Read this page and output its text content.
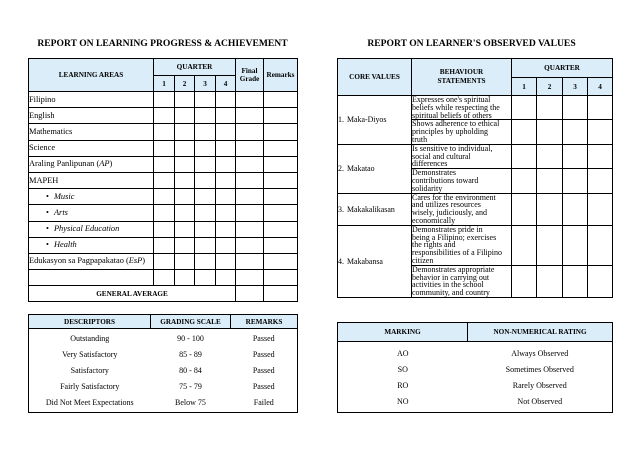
REPORT ON LEARNING PROGRESS & ACHIEVEMENT
LEARNING AREAS	QUARTER				Final Grade	Remarks
	1	2	3	4		
Filipino						
English						
Mathematics						
Science						
Araling Panlipunan (AP)						
MAPEH						
• Music						
• Arts						
• Physical Education						
• Health						
Edukasyon sa Pagpapakatao (EsP)						

GENERAL AVERAGE						
DESCRIPTORS	GRADING SCALE	REMARKS

Outstanding	90 - 100	Passed
Very Satisfactory	85 - 89	Passed
Satisfactory	80 - 84	Passed
Fairly Satisfactory	75 - 79	Passed
Did Not Meet Expectations	Below 75	Failed

REPORT ON LEARNER'S OBSERVED VALUES
CORE VALUES	BEHAVIOUR STATEMENTS	QUARTER			
		1	2	3	4
1. Maka-Diyos	Expresses one's spiritual
beliefs while respecting the
spiritual beliefs of others				

	Shows adherence to ethical
principles by upholding
truth				

2. Makatao	Is sensitive to individual,
social and cultural
differences				

	Demonstrates
contributions toward
solidarity				

3. Makakalikasan	Cares for the environment
and utilizes resources
wisely, judiciously, and
economically				

4. Makabansa	Demonstrates pride in
being a Filipino; exercises
the rights and
responsibilities of a Filipino
citizen				

	Demonstrates appropriate
behavior in carrying out
activities in the school
community, and country				

MARKING	NON-NUMERICAL RATING

AO	Always Observed
SO	Sometimes Observed
RO	Rarely Observed
NO	Not Observed
